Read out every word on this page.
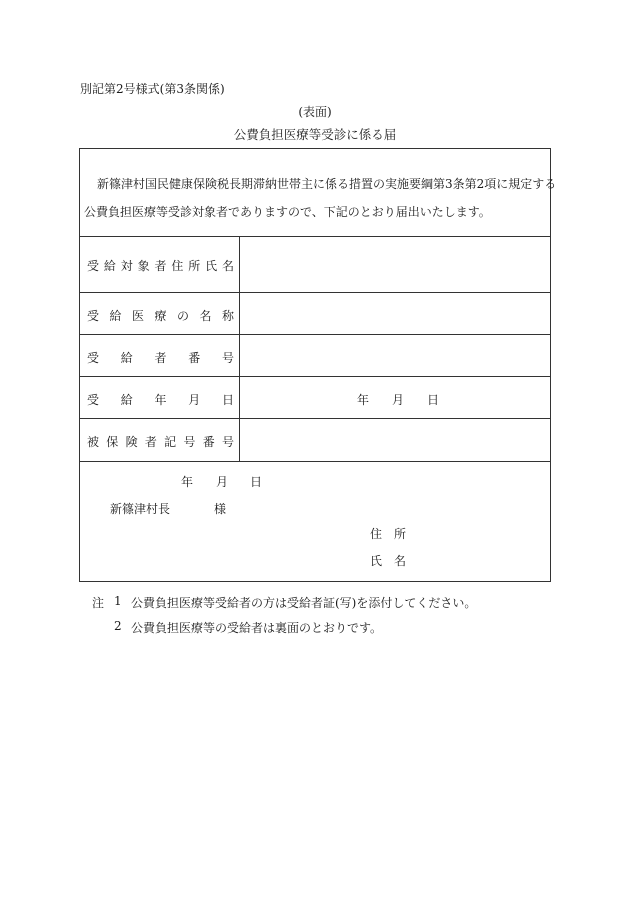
別記第2号様式(第3条関係)
(表面)
公費負担医療等受診に係る届
新篠津村国民健康保険税長期滞納世帯主に係る措置の実施要綱第3条第2項に規定する
公費負担医療等受診対象者でありますので、下記のとおり届出いたします。
受給対象者住所氏名
受給医療の名称
受給者番号
受給年月日	年 月 日
被保険者記号番号
年 月 日
新篠津村長	様
住　所
氏　名
注 1 公費負担医療等受給者の方は受給者証(写)を添付してください。
2 公費負担医療等の受給者は裏面のとおりです。
